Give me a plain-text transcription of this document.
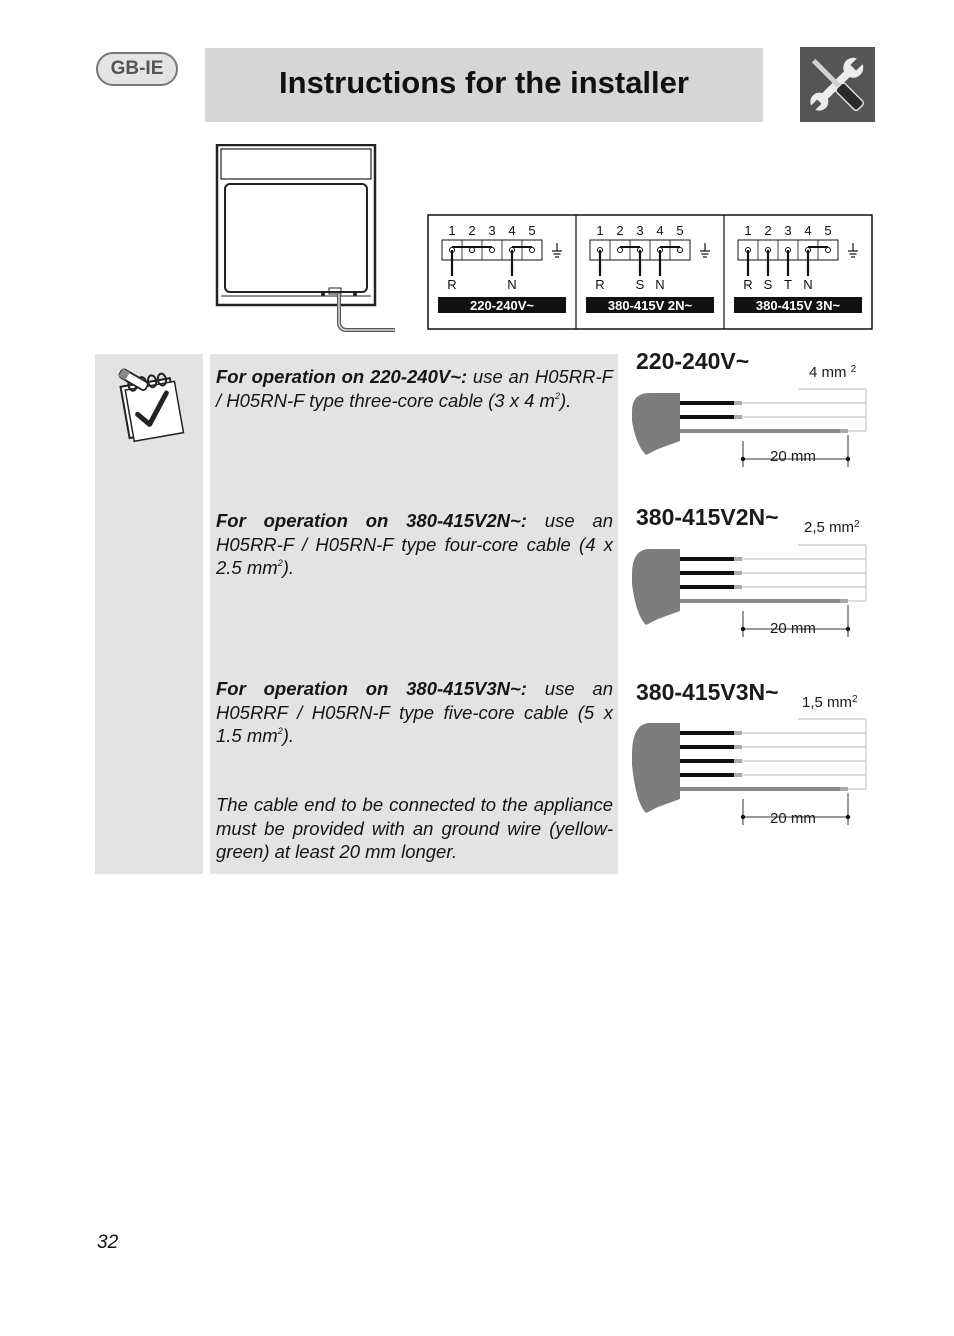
GB-IE	Instructions for the installer
1 2 3 4 5
R	N
220-240V~
1 2 3 4 5
R S N
380-415V 2N~
1 2 3 4 5
R S T N
380-415V 3N~

For operation on 220-240V~: use an H05RR-F / H05RN-F type three-core cable (3 x 4 $m^2$).

For operation on 380-415V2N~: use an H05RR-F / H05RN-F type four-core cable (4 x 2.5 $mm^2$).

For operation on 380-415V3N~: use an H05RRF / H05RN-F type five-core cable (5 x 1.5 $mm^2$).

The cable end to be connected to the appliance must be provided with an ground wire (yellow-green) at least 20 mm longer.

220-240V~	4 mm $^2$
20 mm
380-415V2N~ 2,5 $mm^2$
20 mm
380-415V3N~ 1,5 $mm^2$
20 mm
32
